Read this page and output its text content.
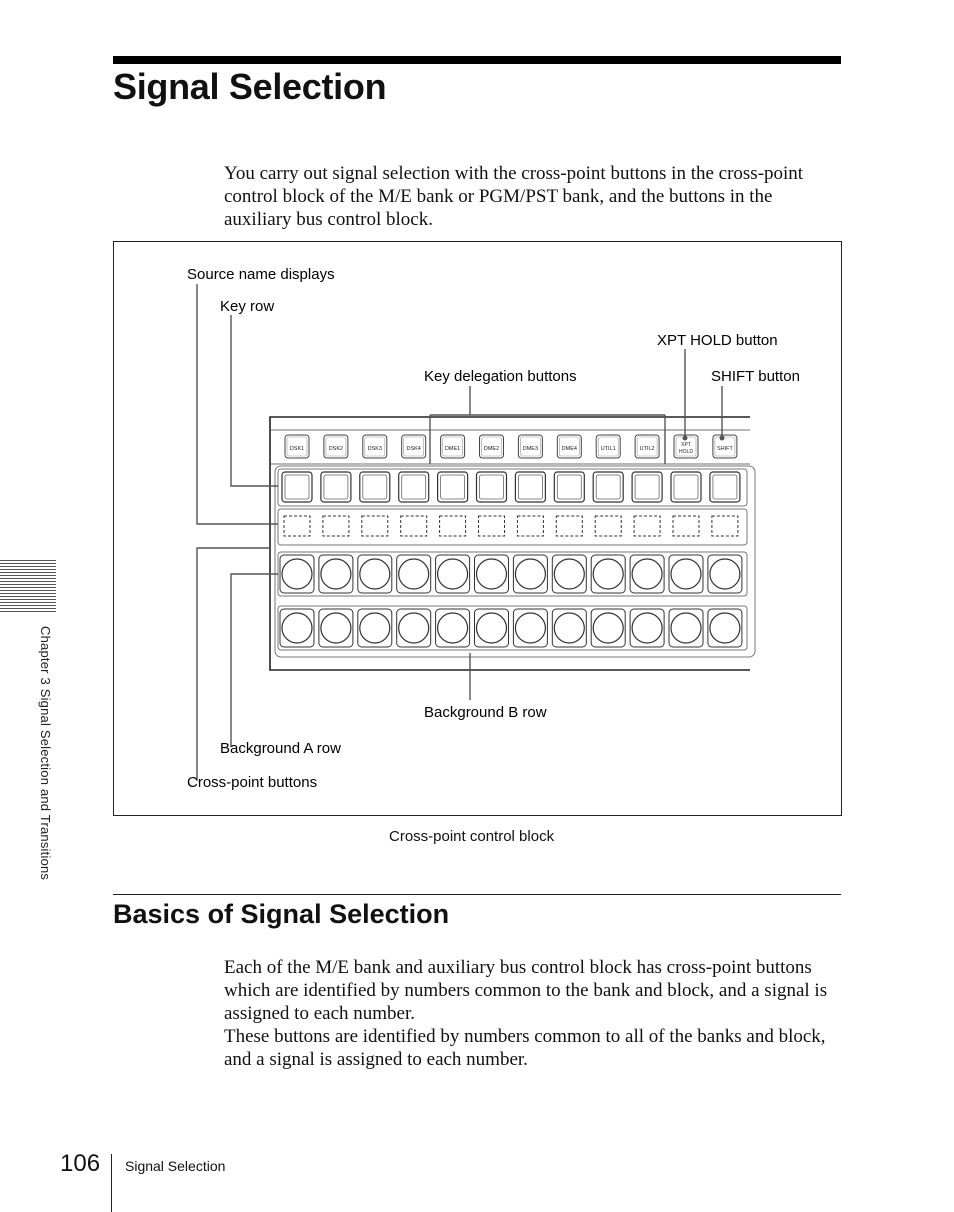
Signal Selection

You carry out signal selection with the cross-point buttons in the cross-point control block of the M/E bank or PGM/PST bank, and the buttons in the auxiliary bus control block.

DSK1	DSK2	DSK3	DSK4	DME1	DME2	DME3	DME4	UTIL1	UTIL2
XPT
HOLD	SHIFT
Source name displays
Key row
XPT HOLD button
Key delegation buttons	SHIFT button
Background B row
Background A row
Cross-point buttons
Cross-point control block
Basics of Signal Selection

Each of the M/E bank and auxiliary bus control block has cross-point buttons which are identified by numbers common to the bank and block, and a signal is assigned to each number.

These buttons are identified by numbers common to all of the banks and block, and a signal is assigned to each number.

Chapter 3 Signal Selection and Transitions
106 Signal Selection
